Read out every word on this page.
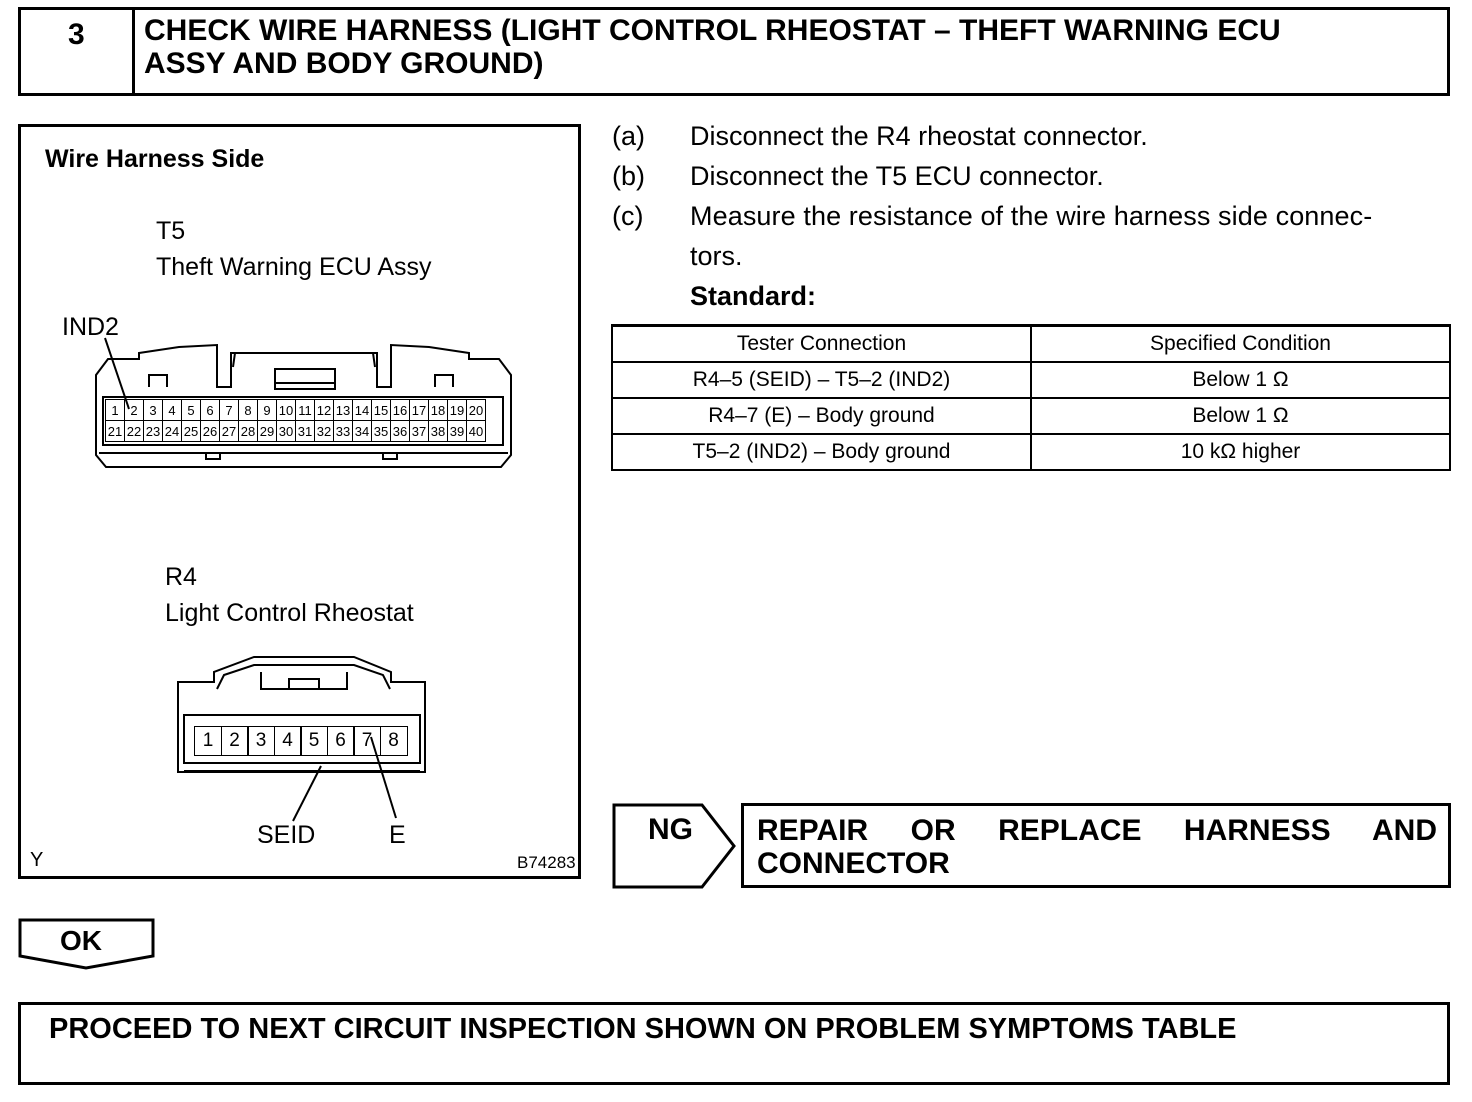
3 CHECK WIRE HARNESS (LIGHT CONTROL RHEOSTAT – THEFT WARNING ECU
ASSY AND BODY GROUND)
Wire Harness Side
T5
Theft Warning ECU Assy
IND2
1 2 3 4 5 6 7 8 9 10 11 12 13 14 15 16 17 18 19 20
21 22 23 24 25 26 27 28 29 30 31 32 33 34 35 36 37 38 39 40
R4
Light Control Rheostat
1 2 3 4 5 6 7 8
SEID	E
Y	B74283
(a) Disconnect the R4 rheostat connector.
(b) Disconnect the T5 ECU connector.
(c) Measure the resistance of the wire harness side connec-
tors.
Standard:
Tester Connection	Specified Condition
R4–5 (SEID) – T5–2 (IND2)	Below 1 Ω
R4–7 (E) – Body ground	Below 1 Ω
T5–2 (IND2) – Body ground	10 kΩ higher
NG REPAIR OR REPLACE HARNESS AND
CONNECTOR
OK
PROCEED TO NEXT CIRCUIT INSPECTION SHOWN ON PROBLEM SYMPTOMS TABLE
